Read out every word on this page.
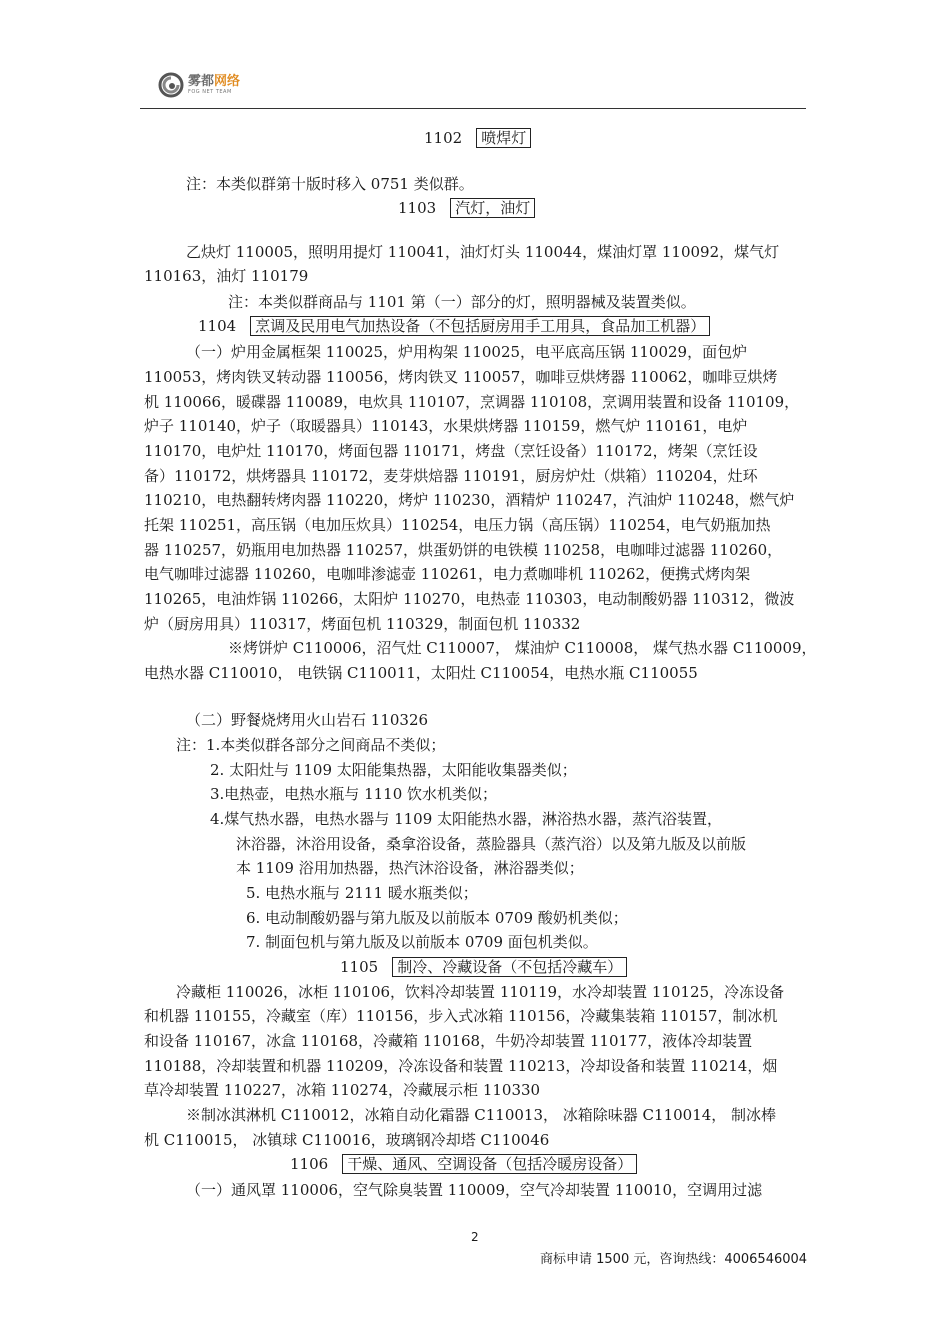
雾都网络
FOG NET TEAM
1102 喷焊灯
注：本类似群第十版时移入 0751 类似群。
1103 汽灯，油灯
乙炔灯 110005，照明用提灯 110041，油灯灯头 110044，煤油灯罩 110092，煤气灯
110163，油灯 110179
注：本类似群商品与 1101 第（一）部分的灯，照明器械及装置类似。
1104 烹调及民用电气加热设备（不包括厨房用手工用具，食品加工机器）
（一）炉用金属框架 110025，炉用构架 110025，电平底高压锅 110029，面包炉
110053，烤肉铁叉转动器 110056，烤肉铁叉 110057，咖啡豆烘烤器 110062，咖啡豆烘烤
机 110066，暖碟器 110089，电炊具 110107，烹调器 110108，烹调用装置和设备 110109，
炉子 110140，炉子（取暖器具）110143，水果烘烤器 110159，燃气炉 110161，电炉
110170，电炉灶 110170，烤面包器 110171，烤盘（烹饪设备）110172，烤架（烹饪设
备）110172，烘烤器具 110172，麦芽烘焙器 110191，厨房炉灶（烘箱）110204，灶环
110210，电热翻转烤肉器 110220，烤炉 110230，酒精炉 110247，汽油炉 110248，燃气炉
托架 110251，高压锅（电加压炊具）110254，电压力锅（高压锅）110254，电气奶瓶加热
器 110257，奶瓶用电加热器 110257，烘蛋奶饼的电铁模 110258，电咖啡过滤器 110260，
电气咖啡过滤器 110260，电咖啡渗滤壶 110261，电力煮咖啡机 110262，便携式烤肉架
110265，电油炸锅 110266，太阳炉 110270，电热壶 110303，电动制酸奶器 110312，微波
炉（厨房用具）110317，烤面包机 110329，制面包机 110332
※烤饼炉 C110006，沼气灶 C110007， 煤油炉 C110008， 煤气热水器 C110009，
电热水器 C110010， 电铁锅 C110011，太阳灶 C110054，电热水瓶 C110055
（二）野餐烧烤用火山岩石 110326
注：1.本类似群各部分之间商品不类似；
2. 太阳灶与 1109 太阳能集热器，太阳能收集器类似；
3.电热壶，电热水瓶与 1110 饮水机类似；
4.煤气热水器，电热水器与 1109 太阳能热水器，淋浴热水器，蒸汽浴装置，
沐浴器，沐浴用设备，桑拿浴设备，蒸脸器具（蒸汽浴）以及第九版及以前版
本 1109 浴用加热器，热汽沐浴设备，淋浴器类似；
5. 电热水瓶与 2111 暖水瓶类似；
6. 电动制酸奶器与第九版及以前版本 0709 酸奶机类似；
7. 制面包机与第九版及以前版本 0709 面包机类似。
1105 制冷、冷藏设备（不包括冷藏车）
冷藏柜 110026，冰柜 110106，饮料冷却装置 110119，水冷却装置 110125，冷冻设备
和机器 110155，冷藏室（库）110156，步入式冰箱 110156，冷藏集装箱 110157，制冰机
和设备 110167，冰盒 110168，冷藏箱 110168，牛奶冷却装置 110177，液体冷却装置
110188，冷却装置和机器 110209，冷冻设备和装置 110213，冷却设备和装置 110214，烟
草冷却装置 110227，冰箱 110274，冷藏展示柜 110330
※制冰淇淋机 C110012，冰箱自动化霜器 C110013， 冰箱除味器 C110014， 制冰棒
机 C110015， 冰镇球 C110016，玻璃钢冷却塔 C110046
1106 干燥、通风、空调设备（包括冷暖房设备）
（一）通风罩 110006，空气除臭装置 110009，空气冷却装置 110010，空调用过滤
2
商标申请 1500 元，咨询热线：4006546004
